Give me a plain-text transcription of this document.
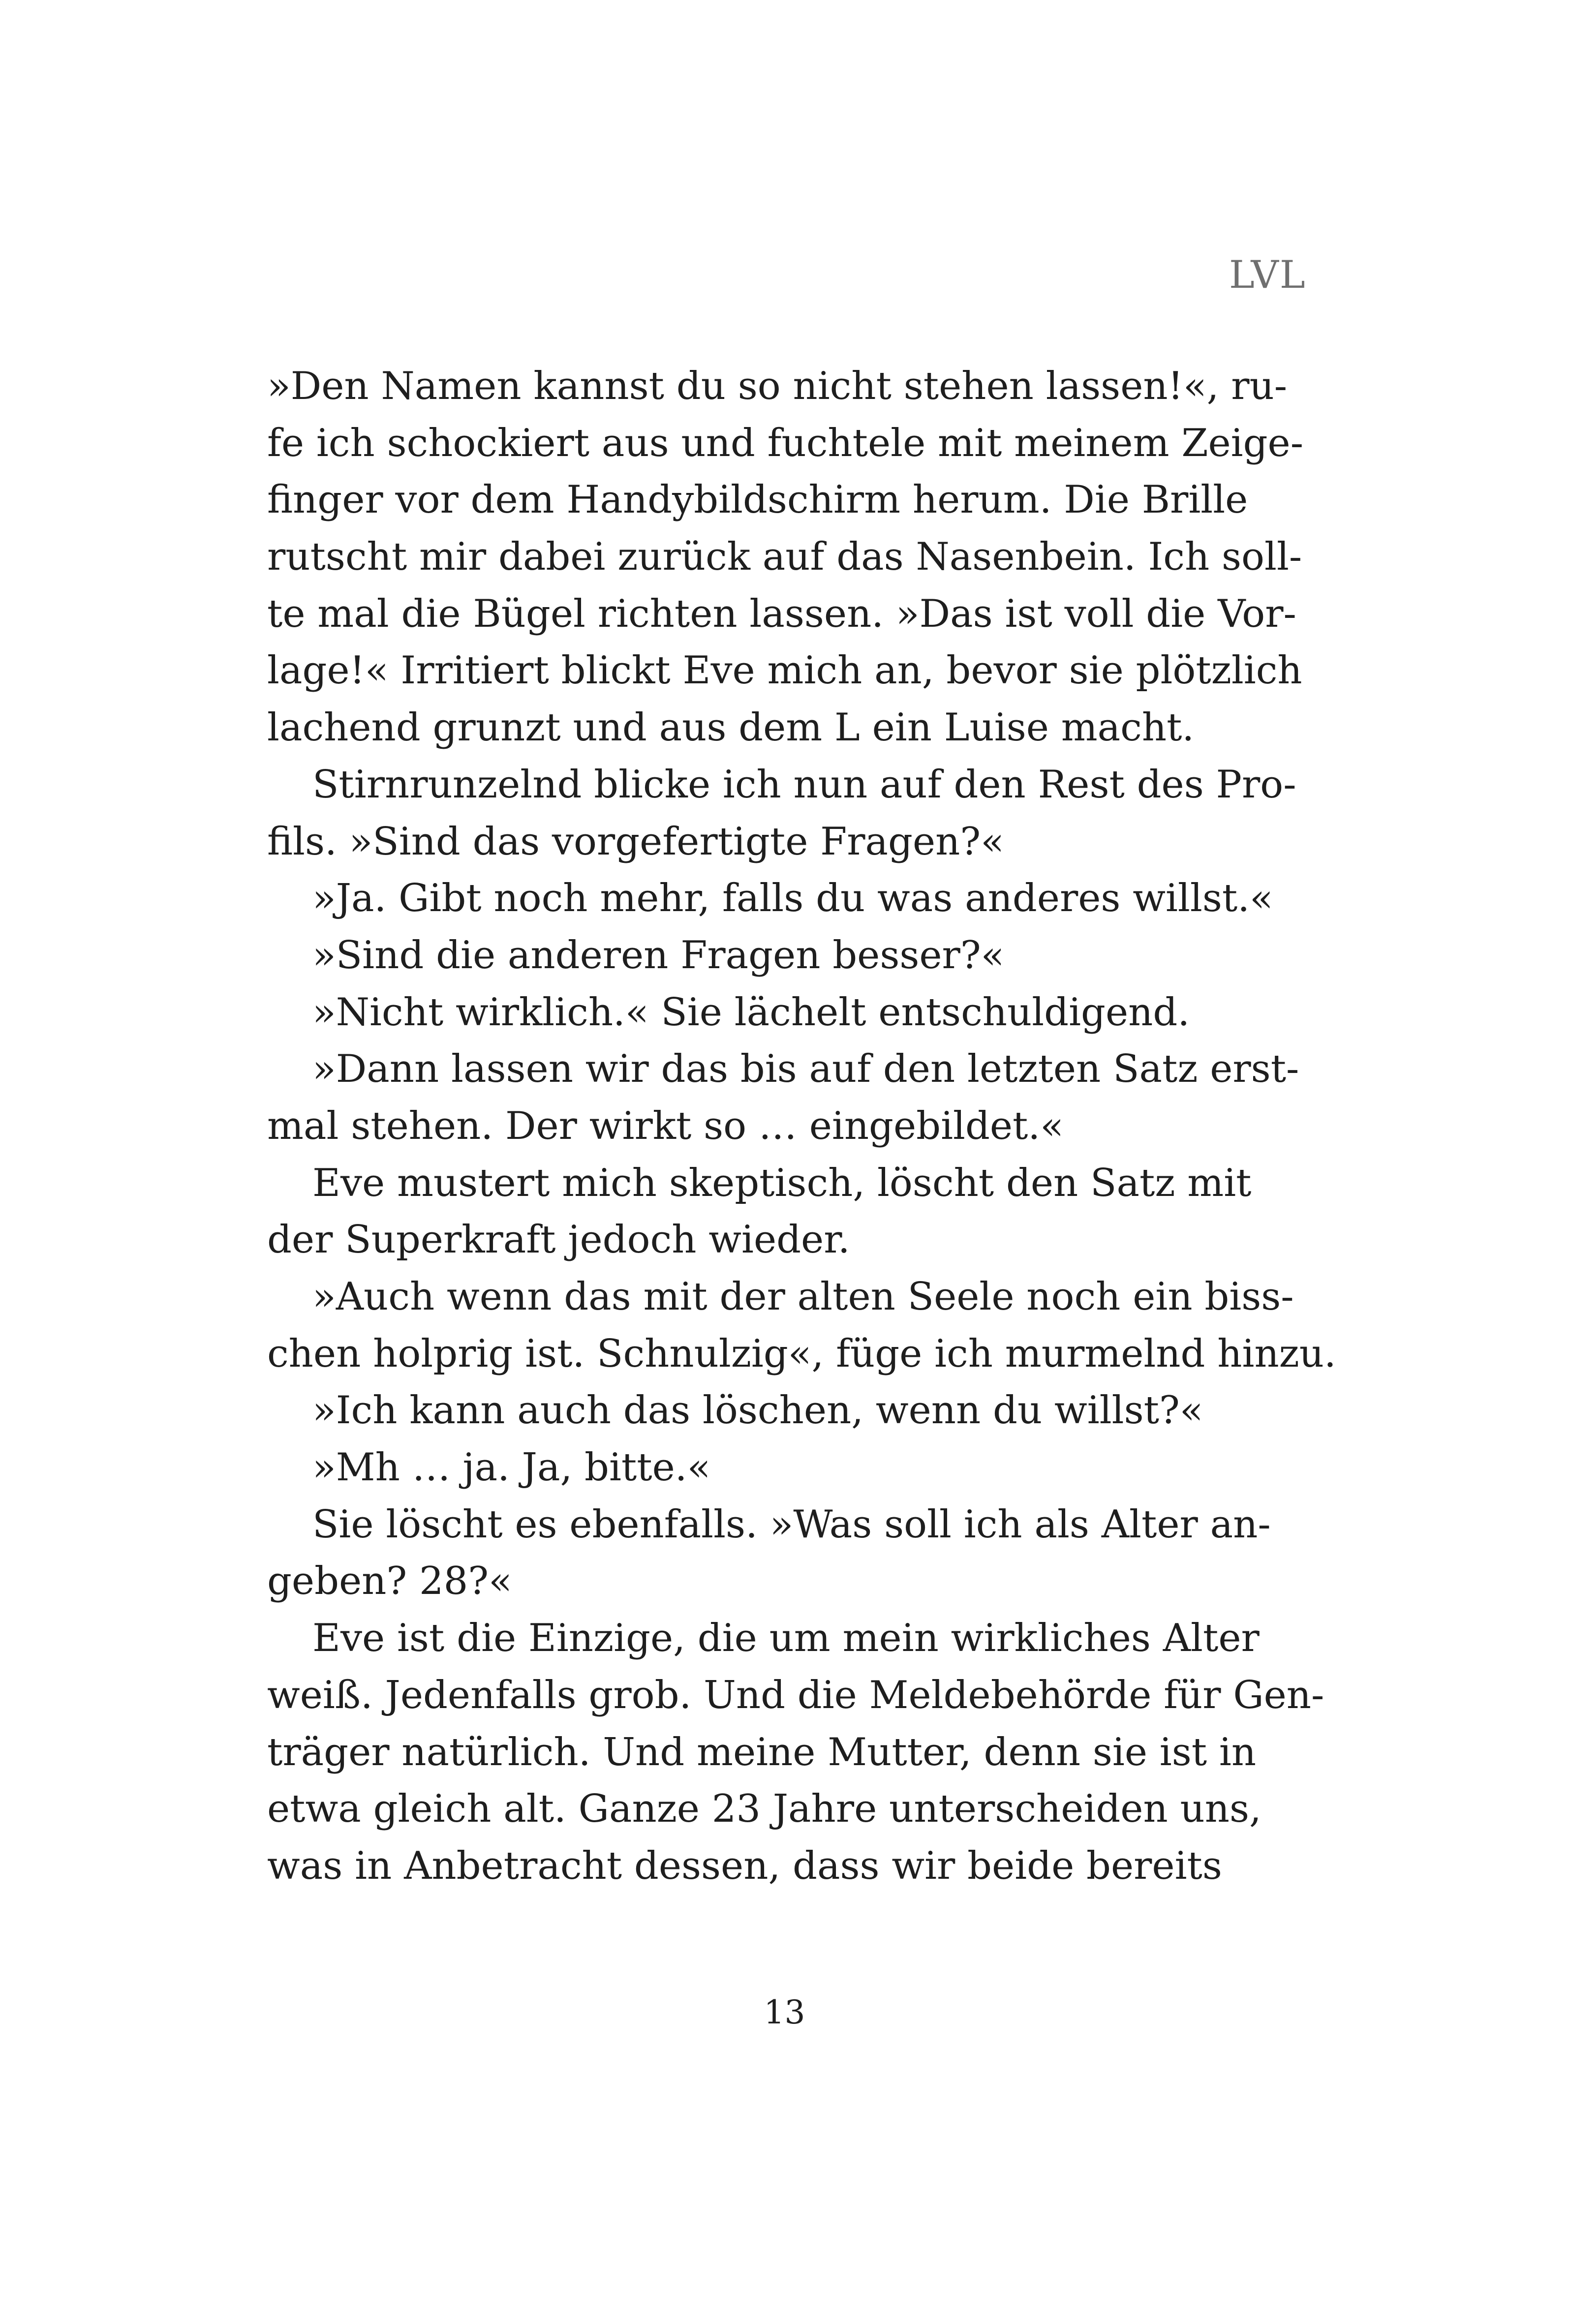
LVL
»Den Namen kannst du so nicht stehen lassen!«, ru-
fe ich schockiert aus und fuchtele mit meinem Zeige-
finger vor dem Handybildschirm herum. Die Brille
rutscht mir dabei zurück auf das Nasenbein. Ich soll-
te mal die Bügel richten lassen. »Das ist voll die Vor-
lage!« Irritiert blickt Eve mich an, bevor sie plötzlich
lachend grunzt und aus dem L ein Luise macht.
Stirnrunzelnd blicke ich nun auf den Rest des Pro-
fils. »Sind das vorgefertigte Fragen?«
»Ja. Gibt noch mehr, falls du was anderes willst.«
»Sind die anderen Fragen besser?«
»Nicht wirklich.« Sie lächelt entschuldigend.
»Dann lassen wir das bis auf den letzten Satz erst-
mal stehen. Der wirkt so … eingebildet.«
Eve mustert mich skeptisch, löscht den Satz mit
der Superkraft jedoch wieder.
»Auch wenn das mit der alten Seele noch ein biss-
chen holprig ist. Schnulzig«, füge ich murmelnd hinzu.
»Ich kann auch das löschen, wenn du willst?«
»Mh … ja. Ja, bitte.«
Sie löscht es ebenfalls. »Was soll ich als Alter an-
geben? 28?«
Eve ist die Einzige, die um mein wirkliches Alter
weiß. Jedenfalls grob. Und die Meldebehörde für Gen-
träger natürlich. Und meine Mutter, denn sie ist in
etwa gleich alt. Ganze 23 Jahre unterscheiden uns,
was in Anbetracht dessen, dass wir beide bereits
13
